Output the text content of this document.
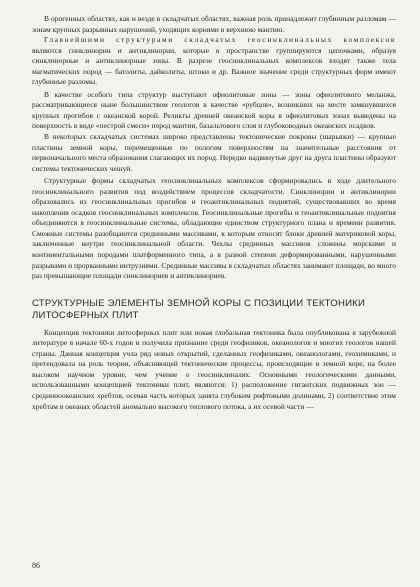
В орогенных областях, как и везде в складчатых областях, важная роль принадлежит глубинным разломам — зонам крупных разрывных нарушений, уходящих корнями в верхнюю мантию.

Главнейшими структурами складчатых геосинклинальных комплексов являются синклинории и антиклинории, которые в пространстве группируются цепочками, образуя синклинорные и антиклинорные зоны. В разрезе геосинклинальных комплексов входят также тела магматических пород — батолиты, дайколиты, штоки и др. Важное значение среди структурных форм имеют глубинные разломы.

В качестве особого типа структур выступают офиолитовые зоны — зоны офиолитового меланжа, рассматривающиеся ныне большинством геологов в качестве «рубцов», возникших на месте замкнувшихся крупных прогибов с океанской корой. Реликты древней океанской коры в офиолитовых зонах выведены на поверхность в виде «пестрой смеси» пород мантии, базальтового слоя и глубоководных океанских осадков.

В некоторых складчатых системах широко представлены тектонические покровы (шарьяжи) — крупные пластины земной коры, перемещенные по пологим поверхностям на значительные расстояния от первоначального места образования слагающих их пород. Нередко надвинутые друг на друга пластины образуют системы тектонических чешуй.

Структурные формы складчатых геосинклинальных комплексов сформировались в ходе длительного геосинклинального развития под воздействием процессов складчатости. Синклинории и антиклинории образовались из геосинклинальных прогибов и геоантиклинальных поднятий, существовавших во время накопления осадков геосинклинальных комплексов. Геосинклинальные прогибы и геоантиклинальные поднятия объединяются в геосинклинальные системы, обладающие единством структурного плана и времени развития. Смежные системы разобщаются срединными массивами, к которым относят блоки древней материковой коры, заключенные внутри геосинклинальной области. Чехлы срединных массивов сложены морскими и континентальными породами платформенного типа, а в разной степени деформированными, нарушенными разрывами и прорванными интрузиями. Срединные массивы в складчатых областях занимают площади, во много раз превышающие площади синклинориев и антиклинориев.

СТРУКТУРНЫЕ ЭЛЕМЕНТЫ ЗЕМНОЙ КОРЫ С ПОЗИЦИИ ТЕКТОНИКИ ЛИТОСФЕРНЫХ ПЛИТ

Концепция тектоники литосферных плит или новая глобальная тектоника была опубликована в зарубежной литературе в начале 60-х годов и получила признание среди геофизиков, океанологов и многих геологов нашей страны. Данная концепция учла ряд новых открытий, сделанных геофизиками, океанологами, геохимиками, и претендовала на роль теории, объясняющей тектонические процессы, происходящие в земной коре, на более высоком научном уровне, чем учение о геосинклиналях. Основными геологическими данными, использованными концепцией тектоники плит, являются: 1) расположение гигантских подвижных зон — срединноокеанских хребтов, осевая часть которых занята глубоким рифтовыми долинами, 2) соответствие этим хребтам в океанах областей аномально высокого теплового потока, а их осевой части —

86
